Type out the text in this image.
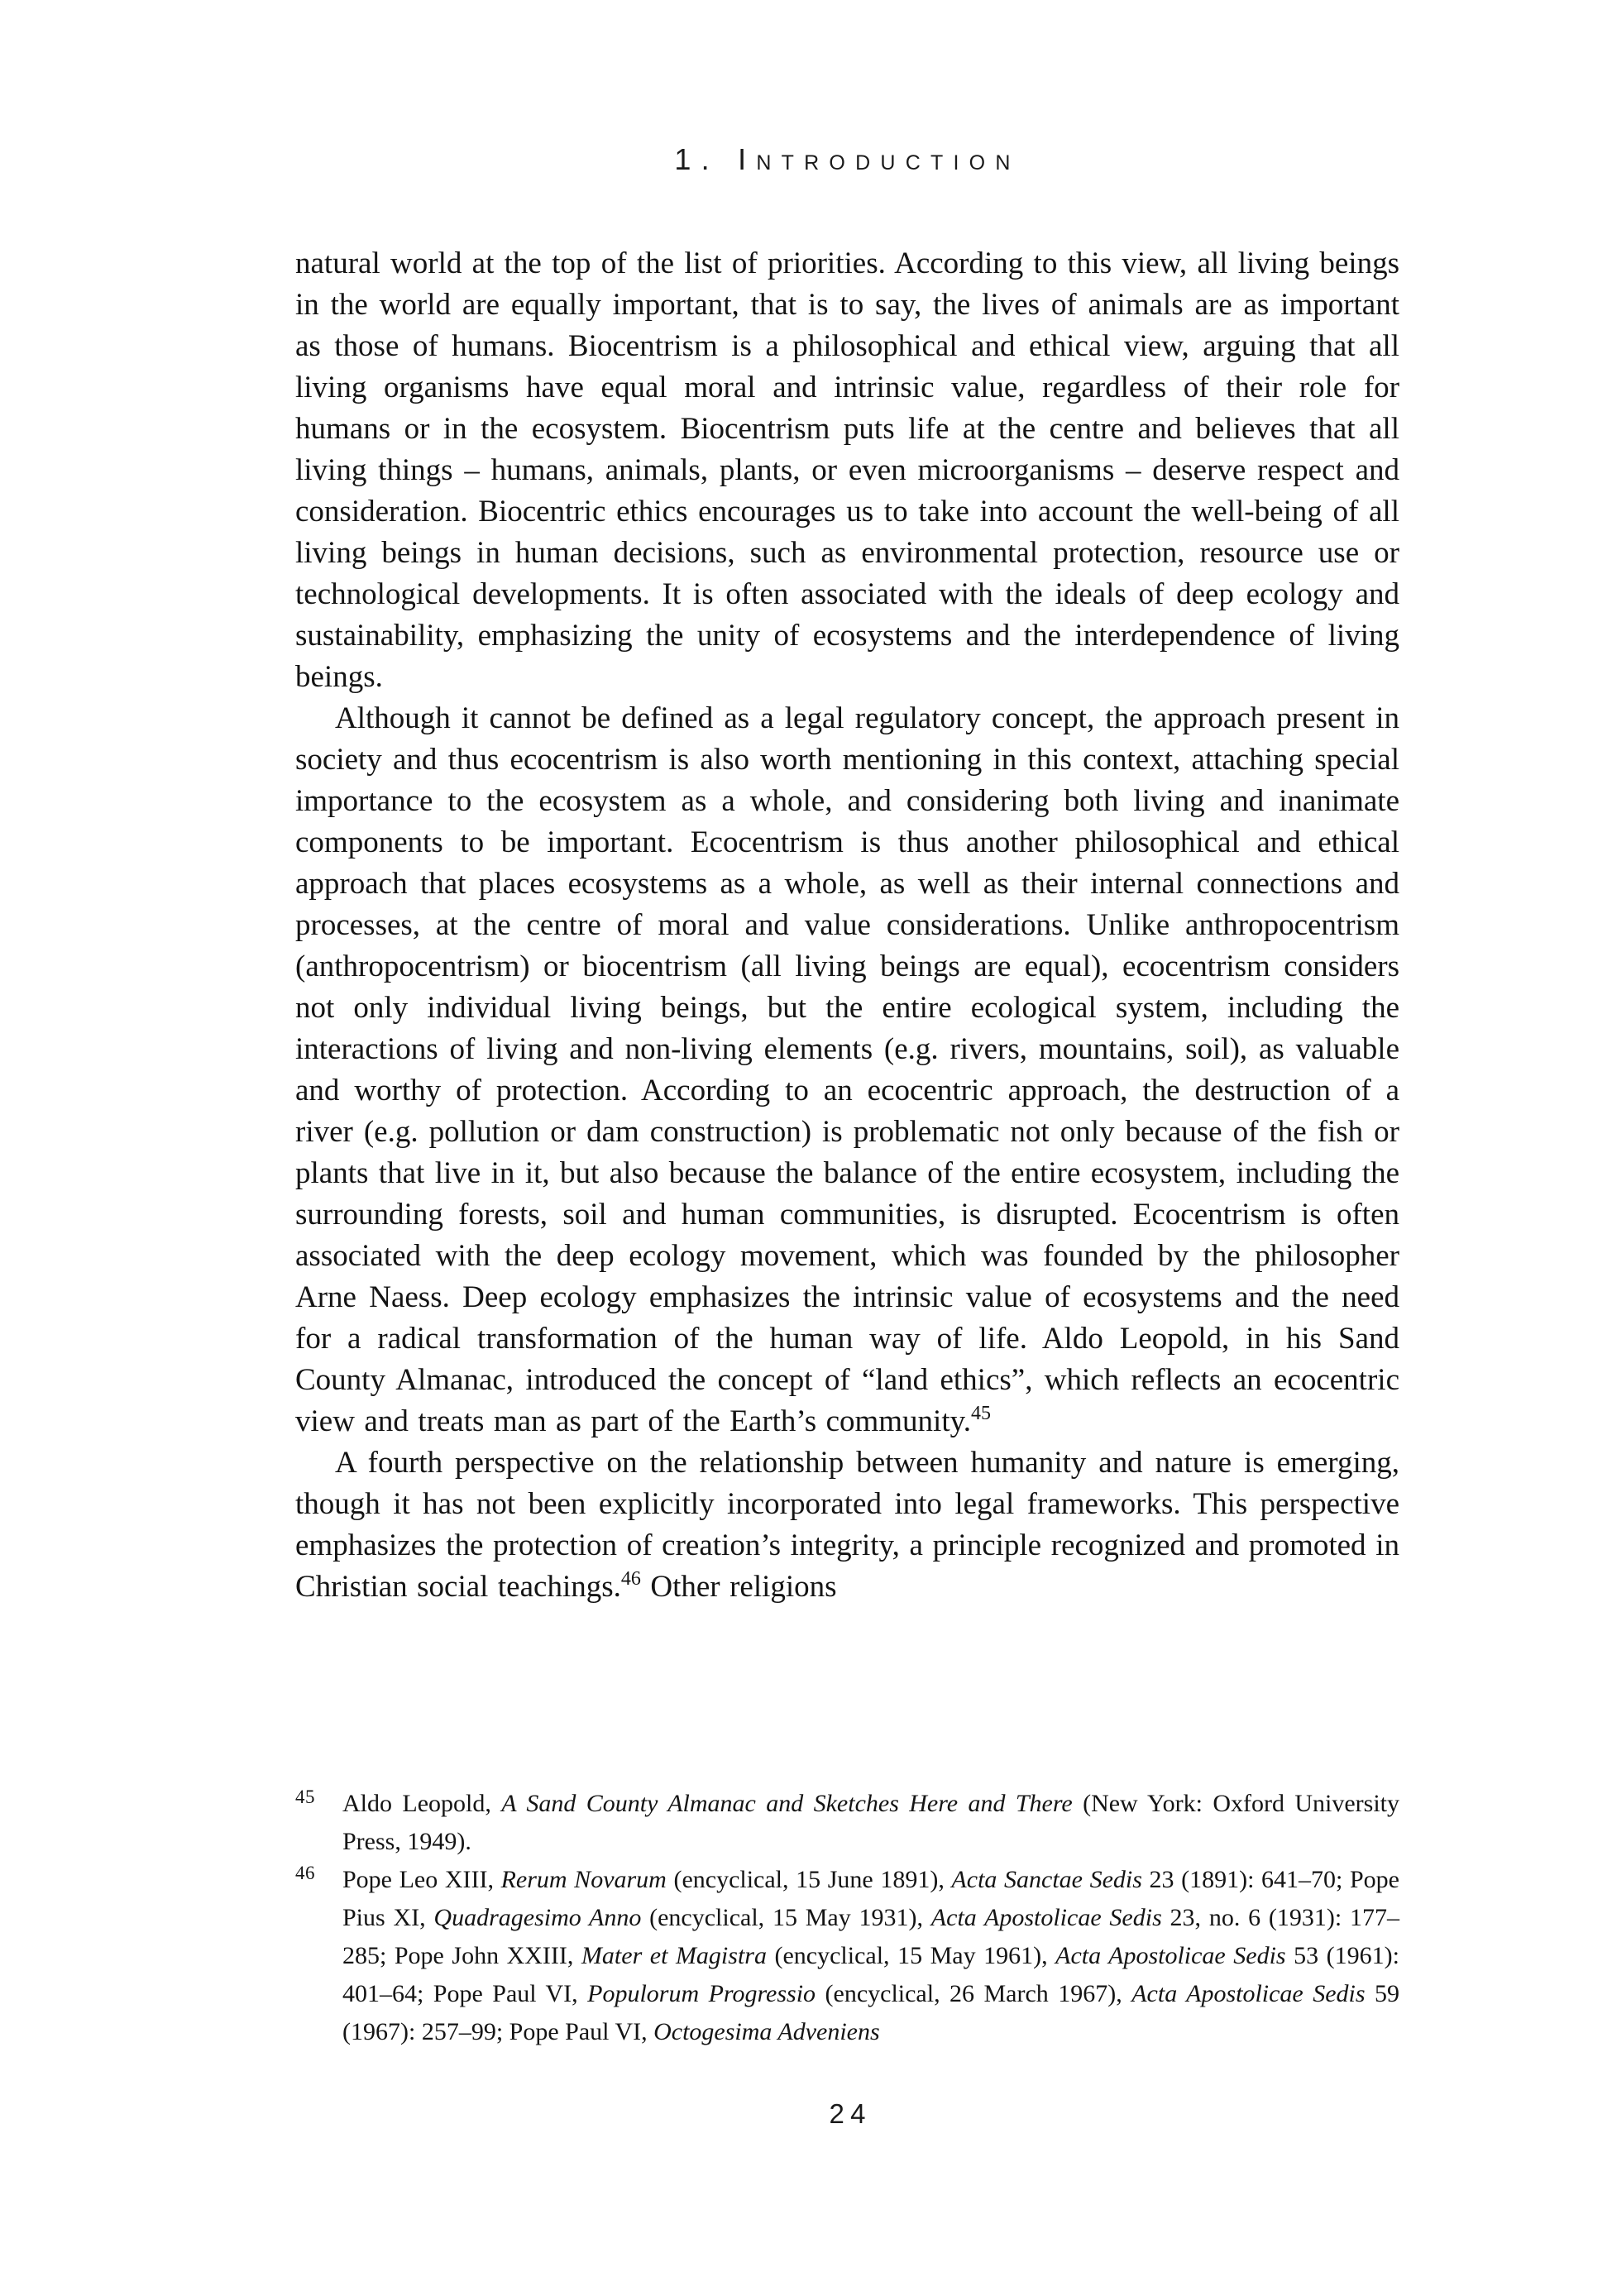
1. Introduction

natural world at the top of the list of priorities. According to this view, all living beings in the world are equally important, that is to say, the lives of animals are as important as those of humans. Biocentrism is a philosophical and ethical view, arguing that all living organisms have equal moral and intrinsic value, regardless of their role for humans or in the ecosystem. Biocentrism puts life at the centre and believes that all living things – humans, animals, plants, or even microorganisms – deserve respect and consideration. Biocentric ethics encourages us to take into account the well-being of all living beings in human decisions, such as environmental protection, resource use or technological developments. It is often associated with the ideals of deep ecology and sustainability, emphasizing the unity of ecosystems and the interdependence of living beings.

Although it cannot be defined as a legal regulatory concept, the approach present in society and thus ecocentrism is also worth mentioning in this context, attaching special importance to the ecosystem as a whole, and considering both living and inanimate components to be important. Ecocentrism is thus another philosophical and ethical approach that places ecosystems as a whole, as well as their internal connections and processes, at the centre of moral and value considerations. Unlike anthropocentrism (anthropocentrism) or biocentrism (all living beings are equal), ecocentrism considers not only individual living beings, but the entire ecological system, including the interactions of living and non-living elements (e.g. rivers, mountains, soil), as valuable and worthy of protection. According to an ecocentric approach, the destruction of a river (e.g. pollution or dam construction) is problematic not only because of the fish or plants that live in it, but also because the balance of the entire ecosystem, including the surrounding forests, soil and human communities, is disrupted. Ecocentrism is often associated with the deep ecology movement, which was founded by the philosopher Arne Naess. Deep ecology emphasizes the intrinsic value of ecosystems and the need for a radical transformation of the human way of life. Aldo Leopold, in his Sand County Almanac, introduced the concept of “land ethics”, which reflects an ecocentric view and treats man as part of the Earth’s community.$^{45}$

A fourth perspective on the relationship between humanity and nature is emerging, though it has not been explicitly incorporated into legal frameworks. This perspective emphasizes the protection of creation’s integrity, a principle recognized and promoted in Christian social teachings.$^{46}$ Other religions

45 Aldo Leopold, A Sand County Almanac and Sketches Here and There (New York: Oxford University Press, 1949).
46 Pope Leo XIII, Rerum Novarum (encyclical, 15 June 1891), Acta Sanctae Sedis 23 (1891): 641–70; Pope Pius XI, Quadragesimo Anno (encyclical, 15 May 1931), Acta Apostolicae Sedis 23, no. 6 (1931): 177–285; Pope John XXIII, Mater et Magistra (encyclical, 15 May 1961), Acta Apostolicae Sedis 53 (1961): 401–64; Pope Paul VI, Populorum Progressio (encyclical, 26 March 1967), Acta Apostolicae Sedis 59 (1967): 257–99; Pope Paul VI, Octogesima Adveniens
24
